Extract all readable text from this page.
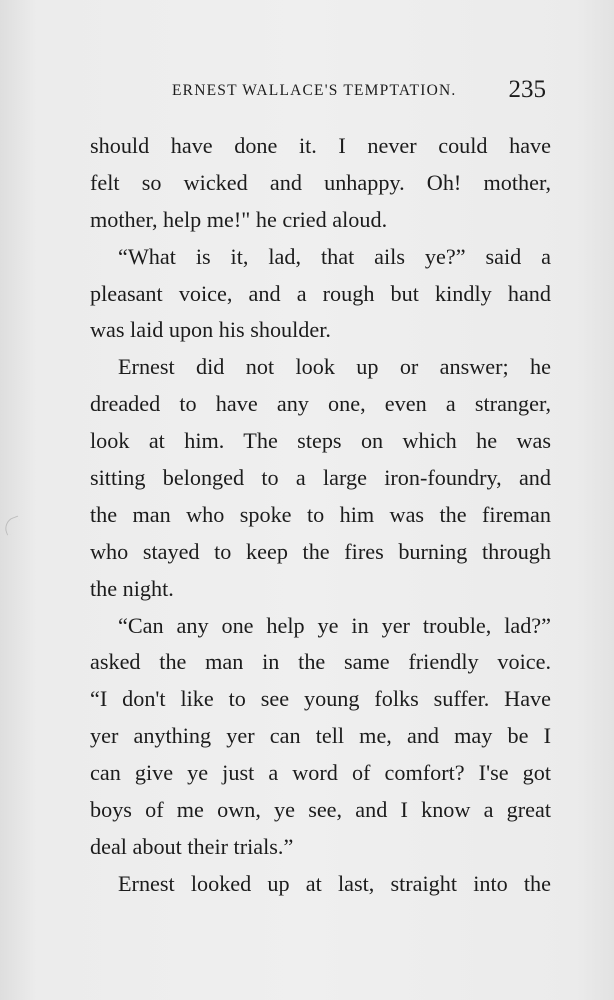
ERNEST WALLACE'S TEMPTATION. 235
should have done it. I never could have
felt so wicked and unhappy. Oh! mother,
mother, help me!" he cried aloud.
“What is it, lad, that ails ye?” said a
pleasant voice, and a rough but kindly hand
was laid upon his shoulder.
Ernest did not look up or answer; he
dreaded to have any one, even a stranger,
look at him. The steps on which he was
sitting belonged to a large iron-foundry, and
the man who spoke to him was the fireman
who stayed to keep the fires burning through
the night.
“Can any one help ye in yer trouble, lad?”
asked the man in the same friendly voice.
“I don't like to see young folks suffer. Have
yer anything yer can tell me, and may be I
can give ye just a word of comfort? I'se got
boys of me own, ye see, and I know a great
deal about their trials.”
Ernest looked up at last, straight into the
